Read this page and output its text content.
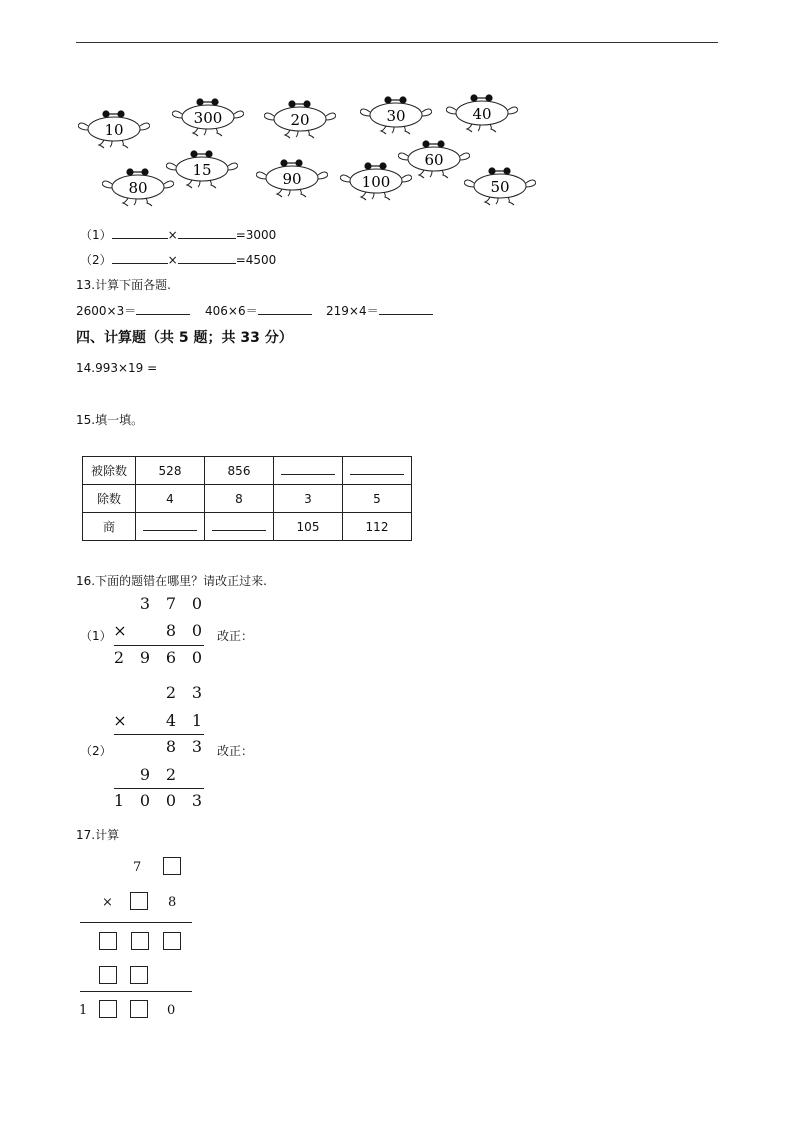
10
300	20	30	40
80
15	90	100
60
50
（1）	×	=3000
（2）	×	=4500
13.计算下面各题.
2600×3＝	406×6＝	219×4＝
四、计算题（共 5 题；共 33 分）
14.993×19 =
15.填一填。
被除数	528	856		
除数	4	8	3	5
商			105	112
16.下面的题错在哪里？请改正过来.
3 7 0
（1） ×	8 0	改正：
2 9 6 0
2 3
×	4 1
（2）	8 3	改正：
9 2
1 0 0 3
17.计算
7
×	8
1	0
